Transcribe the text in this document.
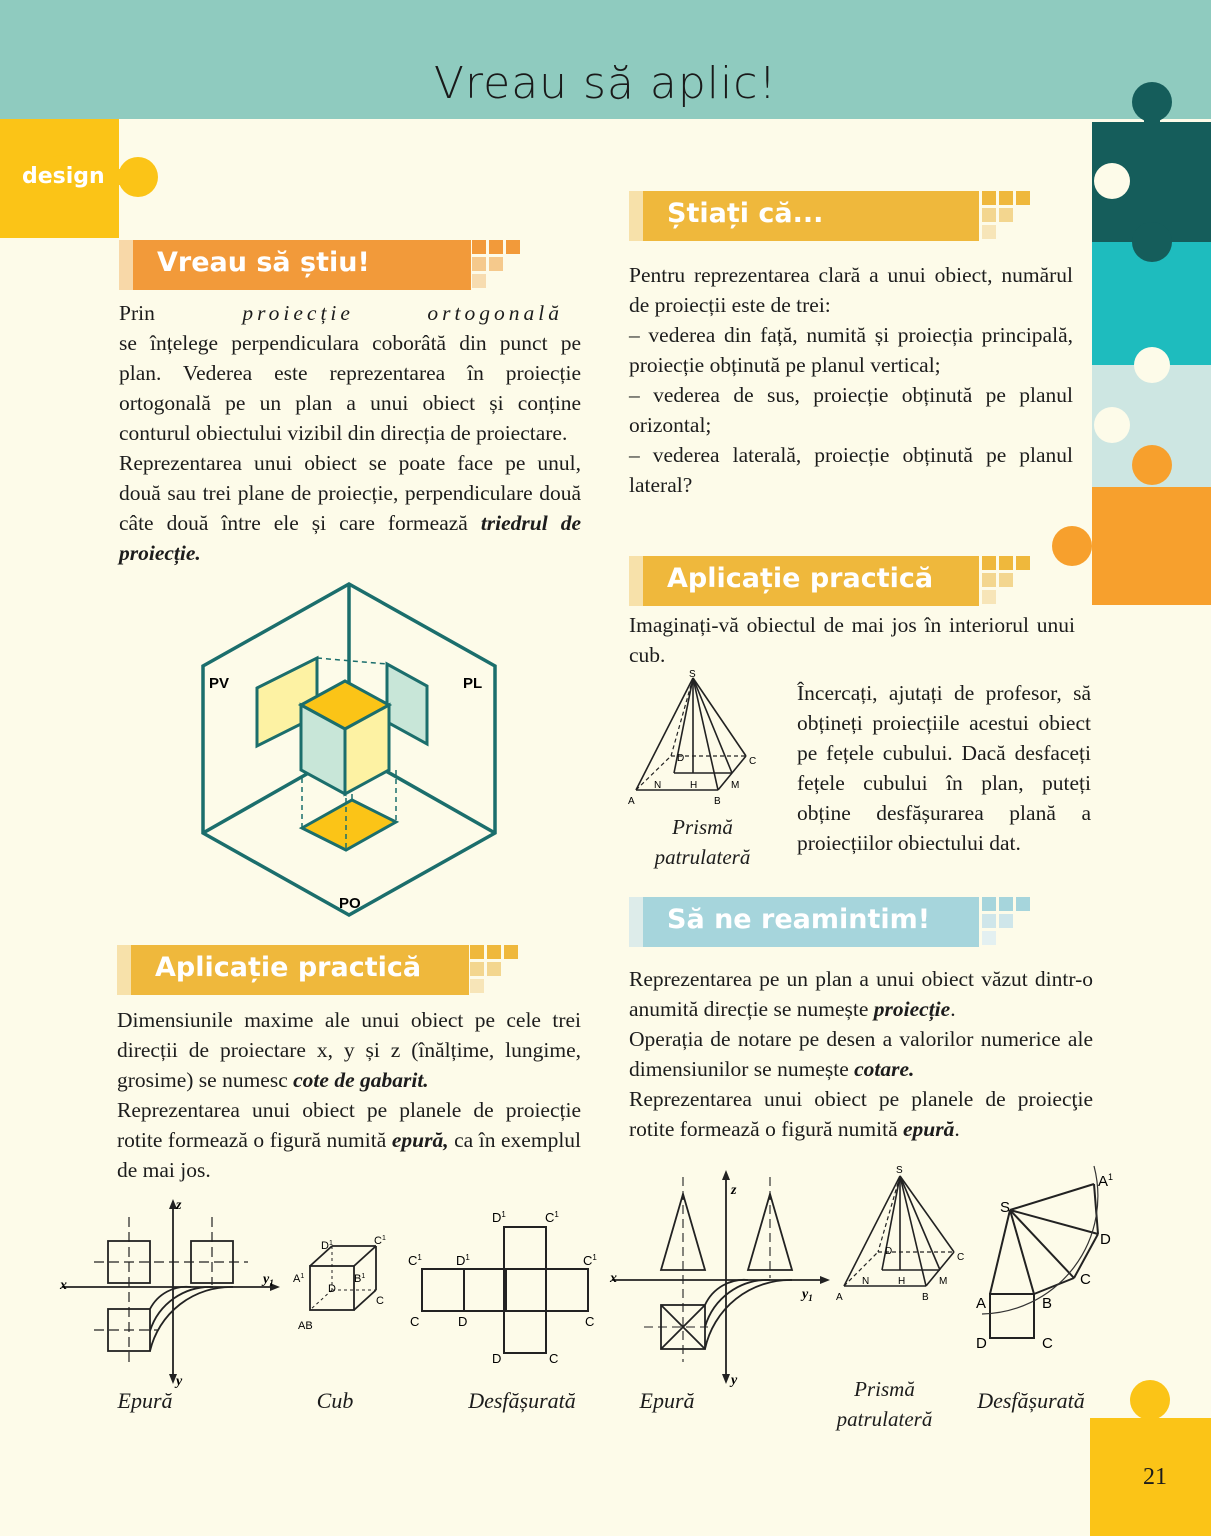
Vreau să aplic!
design
21
Vreau să știu!

Prin	proiecție ortogonală

se înțelege perpendiculara coborâtă din punct pe plan. Vederea este reprezentarea în proiecție ortogonală pe un plan a unui obiect și conține conturul obiectului vizibil din direcția de proiectare.

Reprezentarea unui obiect se poate face pe unul, două sau trei plane de proiecție, perpendiculare două câte două între ele și care formează triedrul de proiecție.

PV	PL
PO
Aplicație practică

Dimensiunile maxime ale unui obiect pe cele trei direcții de proiectare x, y și z (înălțime, lungime, grosime) se numesc cote de gabarit.

Reprezentarea unui obiect pe planele de proiecție rotite formează o figură numită epură, ca în exemplul de mai jos.

Știați că...

Pentru reprezentarea clară a unui obiect, numărul de proiecții este de trei:

– vederea din față, numită și proiecția principală, proiecție obținută pe planul vertical;

– vederea de sus, proiecție obținută pe planul orizontal;

– vederea laterală, proiecție obținută pe planul lateral?

Aplicație practică
Imaginați-vă obiectul de mai jos în interiorul unui cub.
S
D	C
N	H	M
A	B
Prismă patrulateră
Încercați, ajutați de profesor, să obțineți proiecțiile acestui obiect pe fețele cubului. Dacă desfaceți fețele cubului în plan, puteți obține desfășurarea plană a proiecțiilor obiectului dat.
Să ne reamintim!

Reprezentarea pe un plan a unui obiect văzut dintr-o anumită direcție se numește proiecție.

Operația de notare pe desen a valorilor numerice ale dimensiunilor se numește cotare.

Reprezentarea unui obiect pe planele de proiecţie rotite formează o figură numită epură.

z
x
y
$y_1$
Epură
$D^1$	$C^1$
$A^1$	$B^1$
D
C
AB
Cub
$D^1$	$C^1$
$C^1$	$D^1$	$C^1$
C	D	C
D	C
Desfășurată
z
x
y
$y_1$
Epură
S
D
C
N	H	M
A	B
Prismă patrulateră
S
$A^1$
D
C
A	B
D	C
Desfășurată
